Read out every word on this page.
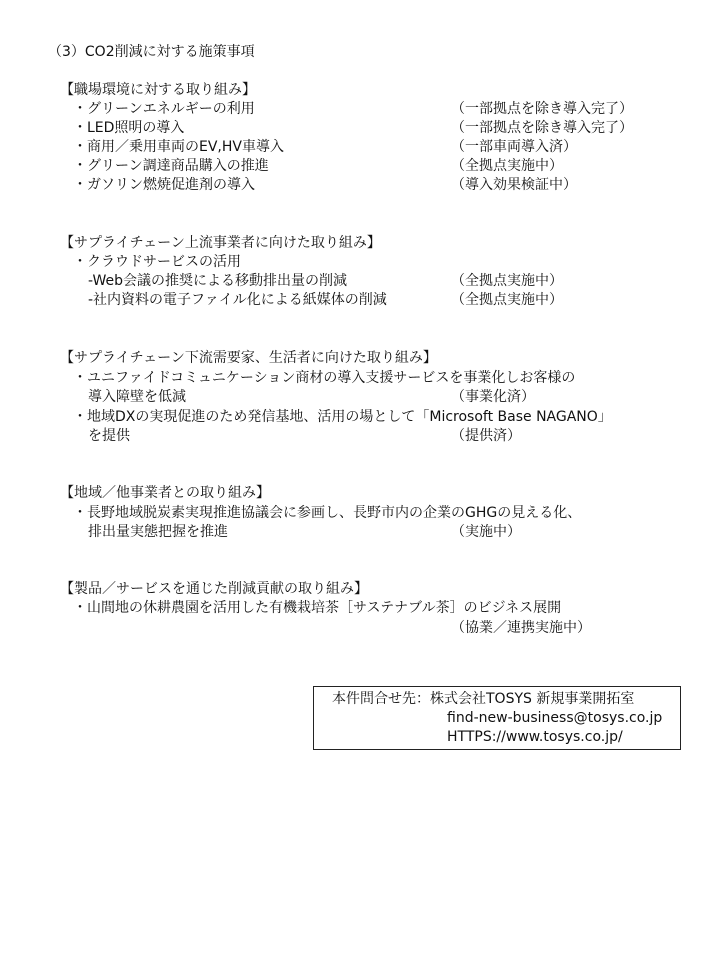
（3）CO2削減に対する施策事項
【職場環境に対する取り組み】
・グリーンエネルギーの利用	（一部拠点を除き導入完了）
・LED照明の導入	（一部拠点を除き導入完了）
・商用／乗用車両のEV,HV車導入	（一部車両導入済）
・グリーン調達商品購入の推進	（全拠点実施中）
・ガソリン燃焼促進剤の導入	（導入効果検証中）
【サプライチェーン上流事業者に向けた取り組み】
・クラウドサービスの活用
-Web会議の推奨による移動排出量の削減	（全拠点実施中）
-社内資料の電子ファイル化による紙媒体の削減	（全拠点実施中）
【サプライチェーン下流需要家、生活者に向けた取り組み】
・ユニファイドコミュニケーション商材の導入支援サービスを事業化しお客様の
導入障壁を低減	（事業化済）
・地域DXの実現促進のため発信基地、活用の場として「Microsoft Base NAGANO」
を提供	（提供済）
【地域／他事業者との取り組み】
・長野地域脱炭素実現推進協議会に参画し、長野市内の企業のGHGの見える化、
排出量実態把握を推進	（実施中）
【製品／サービスを通じた削減貢献の取り組み】
・山間地の休耕農園を活用した有機栽培茶［サステナブル茶］のビジネス展開
（協業／連携実施中）
本件問合せ先：株式会社TOSYS 新規事業開拓室
find-new-business@tosys.co.jp
HTTPS://www.tosys.co.jp/
